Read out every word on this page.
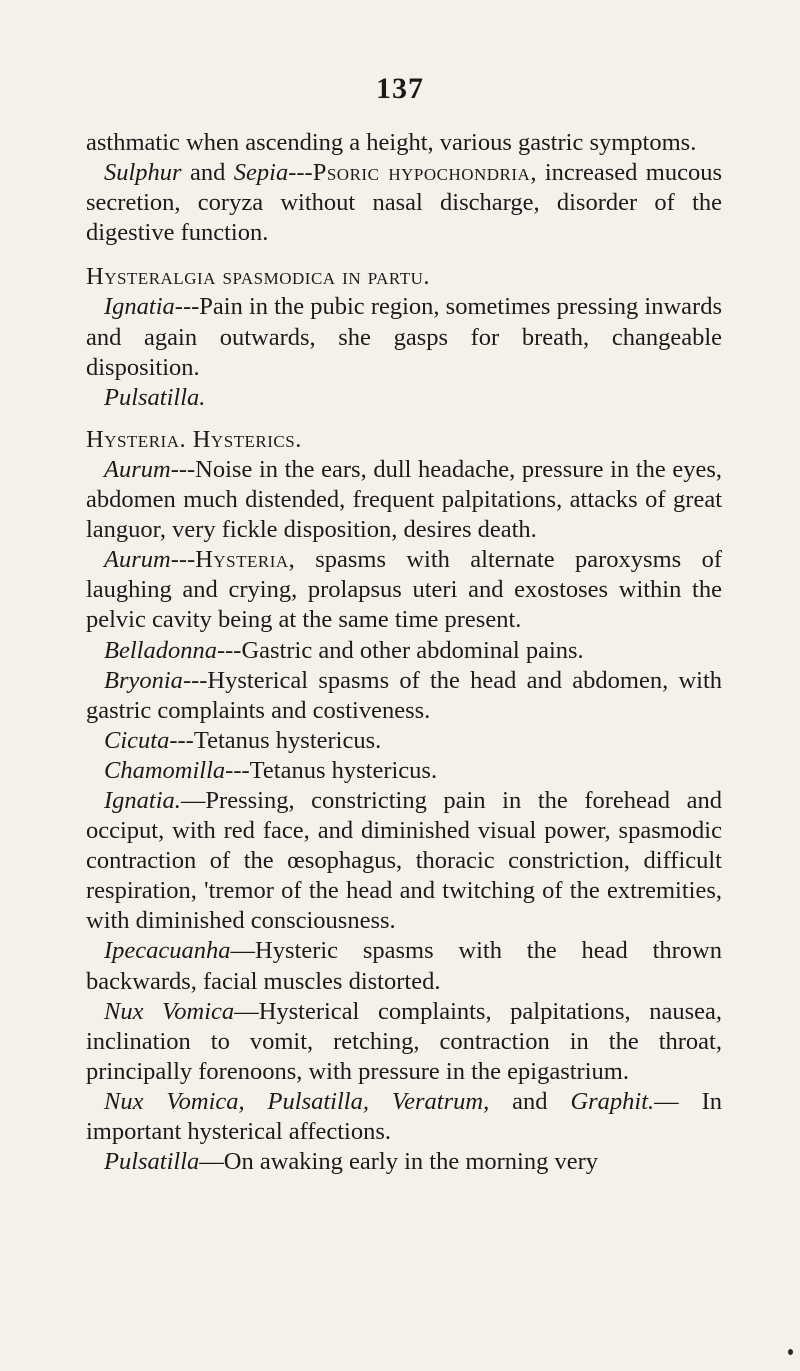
137

asthmatic when ascending a height, various gastric symptoms.

Sulphur and Sepia---Psoric hypochondria, increased mucous secretion, coryza without nasal discharge, disorder of the digestive function.

Hysteralgia spasmodica in partu.

Ignatia---Pain in the pubic region, sometimes pressing inwards and again outwards, she gasps for breath, changeable disposition.

Pulsatilla.

Hysteria. Hysterics.

Aurum---Noise in the ears, dull headache, pressure in the eyes, abdomen much distended, frequent palpitations, attacks of great languor, very fickle disposition, desires death.

Aurum---Hysteria, spasms with alternate paroxysms of laughing and crying, prolapsus uteri and exostoses within the pelvic cavity being at the same time present.

Belladonna---Gastric and other abdominal pains.

Bryonia---Hysterical spasms of the head and abdomen, with gastric complaints and costiveness.

Cicuta---Tetanus hystericus.

Chamomilla---Tetanus hystericus.

Ignatia.—Pressing, constricting pain in the forehead and occiput, with red face, and diminished visual power, spasmodic contraction of the œsophagus, thoracic constriction, difficult respiration, 'tremor of the head and twitching of the extremities, with diminished consciousness.

Ipecacuanha—Hysteric spasms with the head thrown backwards, facial muscles distorted.

Nux Vomica—Hysterical complaints, palpitations, nausea, inclination to vomit, retching, contraction in the throat, principally forenoons, with pressure in the epigastrium.

Nux Vomica, Pulsatilla, Veratrum, and Graphit.— In important hysterical affections.

Pulsatilla—On awaking early in the morning very
